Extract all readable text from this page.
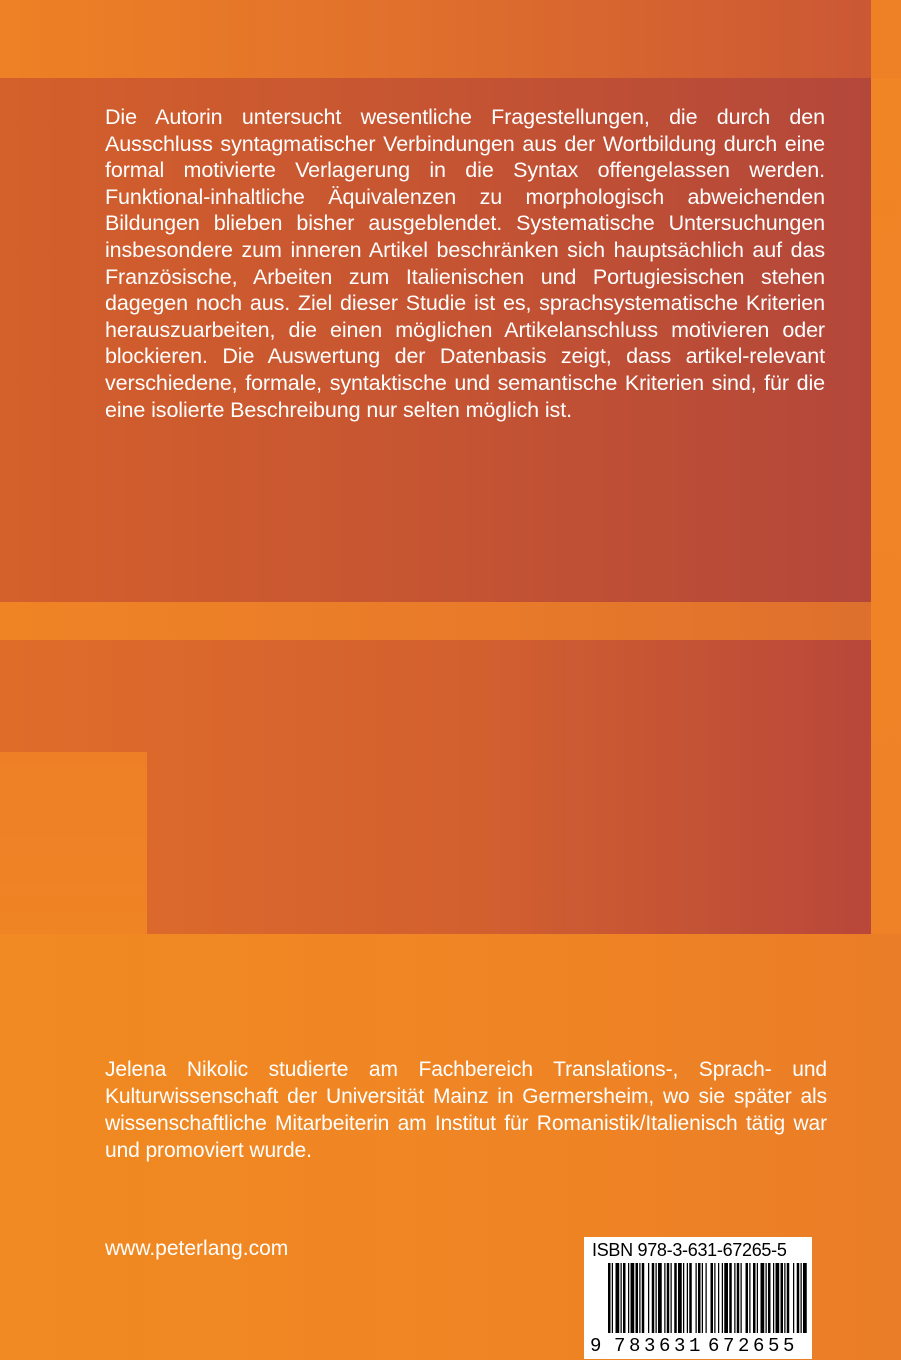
Die Autorin untersucht wesentliche Fragestellungen, die durch den Ausschluss syntagmatischer Verbindungen aus der Wortbildung durch eine formal motivierte Verlagerung in die Syntax offengelassen werden. Funktional-inhaltliche Äquivalenzen zu morphologisch abweichenden Bildungen blieben bisher ausgeblendet. Systematische Untersuchungen insbesondere zum inneren Artikel beschränken sich hauptsächlich auf das Französische, Arbeiten zum Italienischen und Portugiesischen stehen dagegen noch aus. Ziel dieser Studie ist es, sprachsystematische Kriterien herauszuarbeiten, die einen möglichen Artikelanschluss motivieren oder blockieren. Die Auswertung der Datenbasis zeigt, dass artikel-relevant verschiedene, formale, syntaktische und semantische Kriterien sind, für die eine isolierte Beschreibung nur selten möglich ist.

Jelena Nikolic studierte am Fachbereich Translations-, Sprach- und Kulturwissenschaft der Universität Mainz in Germersheim, wo sie später als wissenschaftliche Mitarbeiterin am Institut für Romanistik/Italienisch tätig war und promoviert wurde.

www.peterlang.com	ISBN 978-3-631-67265-5
9 783631 672655
